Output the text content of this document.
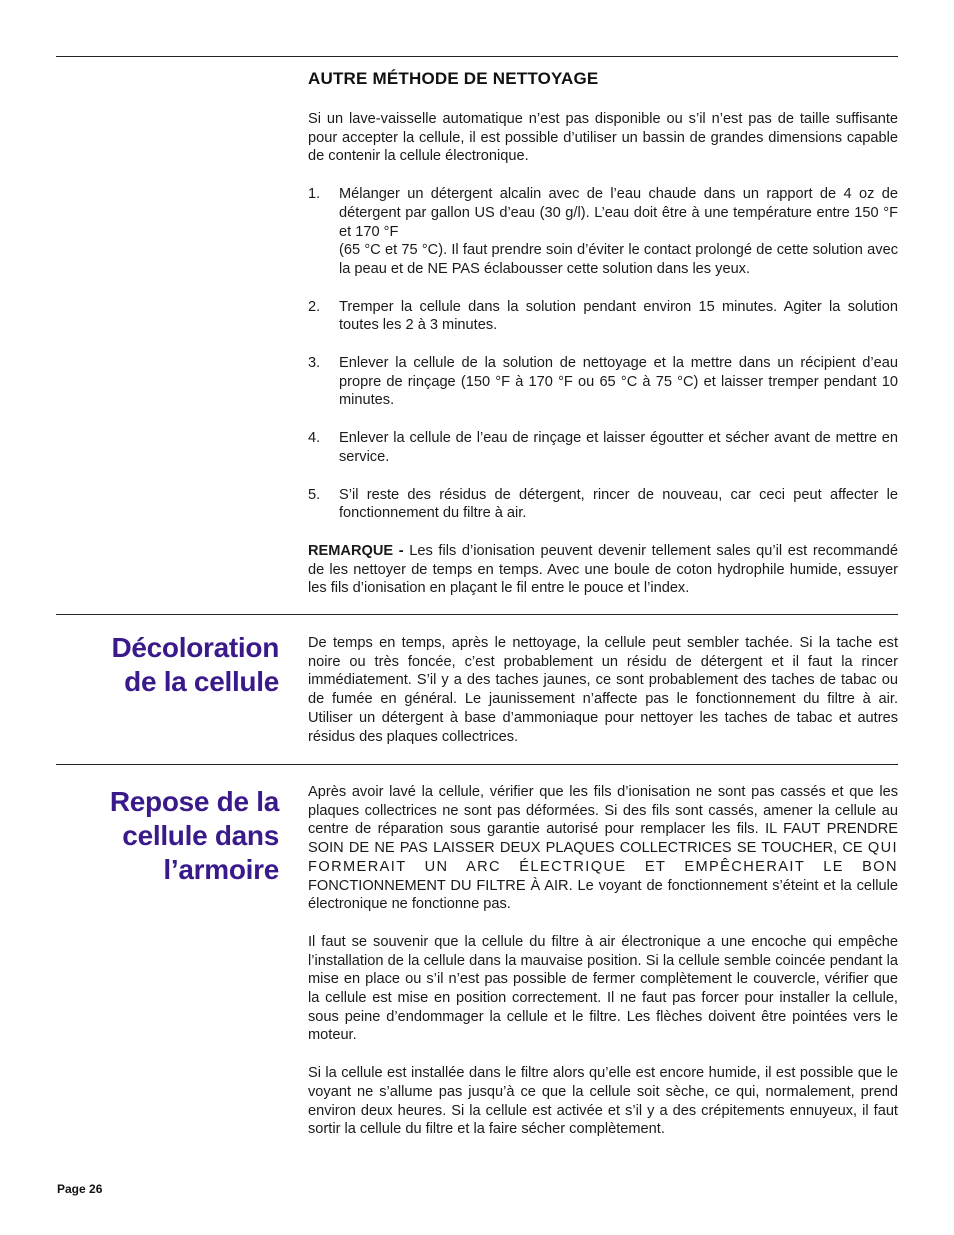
AUTRE MÉTHODE DE NETTOYAGE

Si un lave-vaisselle automatique n’est pas disponible ou s’il n’est pas de taille suffisante pour accepter la cellule, il est possible d’utiliser un bassin de grandes dimensions capable de contenir la cellule électronique.

1. Mélanger un détergent alcalin avec de l’eau chaude dans un rapport de 4 oz de détergent par gallon US d’eau (30 g/l). L’eau doit être à une température entre 150 °F et 170 °F
(65 °C et 75 °C). Il faut prendre soin d’éviter le contact prolongé de cette solution avec la peau et de NE PAS éclabousser cette solution dans les yeux.
2. Tremper la cellule dans la solution pendant environ 15 minutes. Agiter la solution toutes les 2 à 3 minutes.
3. Enlever la cellule de la solution de nettoyage et la mettre dans un récipient d’eau propre de rinçage (150 °F à 170 °F ou 65 °C à 75 °C) et laisser tremper pendant 10 minutes.
4. Enlever la cellule de l’eau de rinçage et laisser égoutter et sécher avant de mettre en service.
5. S’il reste des résidus de détergent, rincer de nouveau, car ceci peut affecter le fonctionnement du filtre à air.

REMARQUE - Les fils d’ionisation peuvent devenir tellement sales qu’il est recommandé de les nettoyer de temps en temps. Avec une boule de coton hydrophile humide, essuyer les fils d’ionisation en plaçant le fil entre le pouce et l’index.

Décoloration
de la cellule

De temps en temps, après le nettoyage, la cellule peut sembler tachée. Si la tache est noire ou très foncée, c’est probablement un résidu de détergent et il faut la rincer immédiatement. S’il y a des taches jaunes, ce sont probablement des taches de tabac ou de fumée en général. Le jaunissement n’affecte pas le fonctionnement du filtre à air. Utiliser un détergent à base d’ammoniaque pour nettoyer les taches de tabac et autres résidus des plaques collectrices.

Repose de la
cellule dans
l’armoire

Après avoir lavé la cellule, vérifier que les fils d’ionisation ne sont pas cassés et que les plaques collectrices ne sont pas déformées. Si des fils sont cassés, amener la cellule au centre de réparation sous garantie autorisé pour remplacer les fils. IL FAUT PRENDRE SOIN DE NE PAS LAISSER DEUX PLAQUES COLLECTRICES SE TOUCHER, CE QUI FORMERAIT UN ARC ÉLECTRIQUE ET EMPÊCHERAIT LE BON FONCTIONNEMENT DU FILTRE À AIR. Le voyant de fonctionnement s’éteint et la cellule électronique ne fonctionne pas.

Il faut se souvenir que la cellule du filtre à air électronique a une encoche qui empêche l’installation de la cellule dans la mauvaise position. Si la cellule semble coincée pendant la mise en place ou s’il n’est pas possible de fermer complètement le couvercle, vérifier que la cellule est mise en position correctement. Il ne faut pas forcer pour installer la cellule, sous peine d’endommager la cellule et le filtre. Les flèches doivent être pointées vers le moteur.

Si la cellule est installée dans le filtre alors qu’elle est encore humide, il est possible que le voyant ne s’allume pas jusqu’à ce que la cellule soit sèche, ce qui, normalement, prend environ deux heures. Si la cellule est activée et s’il y a des crépitements ennuyeux, il faut sortir la cellule du filtre et la faire sécher complètement.

Page 26
